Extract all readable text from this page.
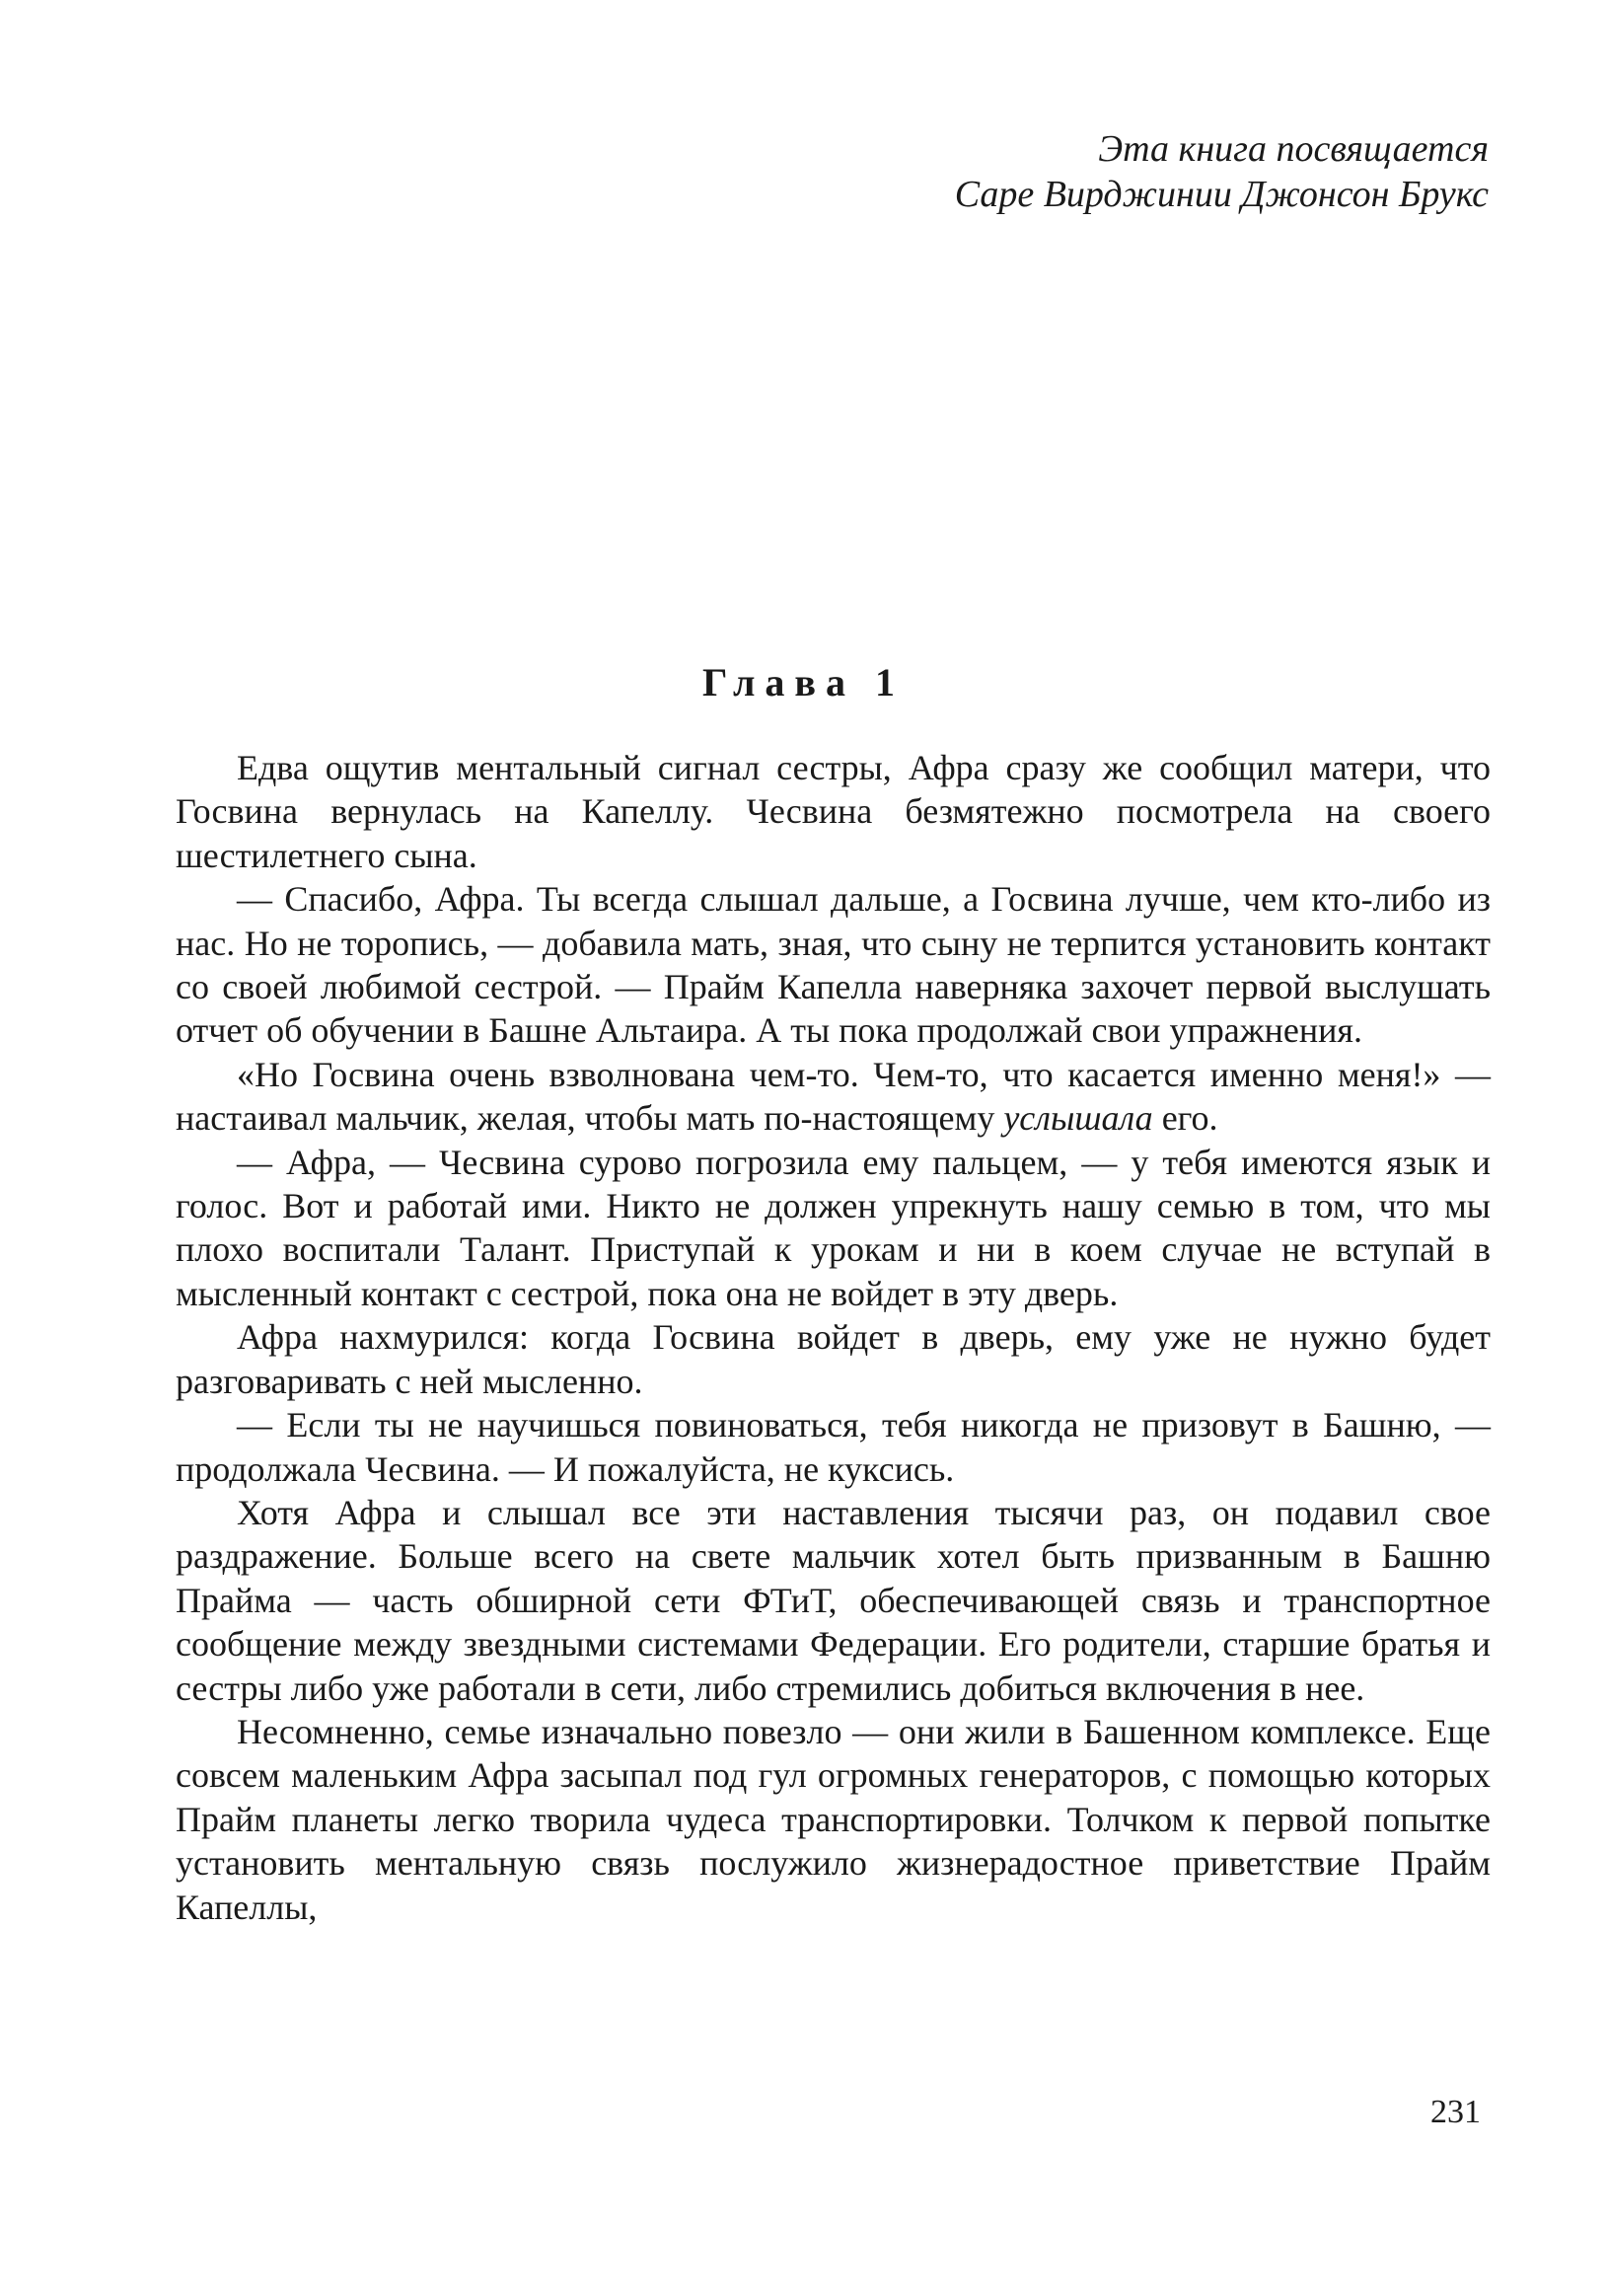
Эта книга посвящается
Саре Вирджинии Джонсон Брукс
Глава 1

Едва ощутив ментальный сигнал сестры, Афра сразу же сообщил матери, что Госвина вернулась на Капеллу. Чесвина безмятежно посмотрела на своего шестилетнего сына.

— Спасибо, Афра. Ты всегда слышал дальше, а Госвина лучше, чем кто-либо из нас. Но не торопись, — добавила мать, зная, что сыну не терпится установить контакт со своей любимой сестрой. — Прайм Капелла наверняка захочет первой выслушать отчет об обучении в Башне Альтаира. А ты пока продолжай свои упражнения.

«Но Госвина очень взволнована чем-то. Чем-то, что касается именно меня!» — настаивал мальчик, желая, чтобы мать по-настоящему услышала его.

— Афра, — Чесвина сурово погрозила ему пальцем, — у тебя имеются язык и голос. Вот и работай ими. Никто не должен упрекнуть нашу семью в том, что мы плохо воспитали Талант. Приступай к урокам и ни в коем случае не вступай в мысленный контакт с сестрой, пока она не войдет в эту дверь.

Афра нахмурился: когда Госвина войдет в дверь, ему уже не нужно будет разговаривать с ней мысленно.

— Если ты не научишься повиноваться, тебя никогда не призовут в Башню, — продолжала Чесвина. — И пожалуйста, не куксись.

Хотя Афра и слышал все эти наставления тысячи раз, он подавил свое раздражение. Больше всего на свете мальчик хотел быть призванным в Башню Прайма — часть обширной сети ФТиТ, обеспечивающей связь и транспортное сообщение между звездными системами Федерации. Его родители, старшие братья и сестры либо уже работали в сети, либо стремились добиться включения в нее.

Несомненно, семье изначально повезло — они жили в Башенном комплексе. Еще совсем маленьким Афра засыпал под гул огромных генераторов, с помощью которых Прайм планеты легко творила чудеса транспортировки. Толчком к первой попытке установить ментальную связь послужило жизнерадостное приветствие Прайм Капеллы,

231
